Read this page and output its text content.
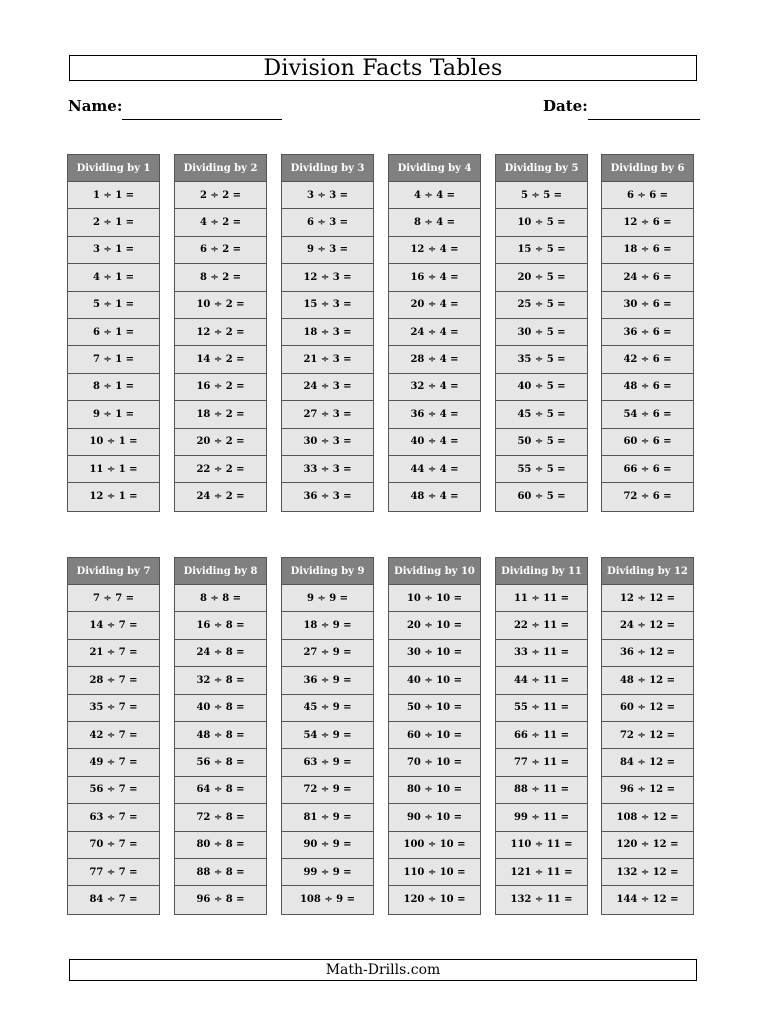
Division Facts Tables
Name:	Date:
Dividing by 1
1 ÷ 1 =
2 ÷ 1 =
3 ÷ 1 =
4 ÷ 1 =
5 ÷ 1 =
6 ÷ 1 =
7 ÷ 1 =
8 ÷ 1 =
9 ÷ 1 =
10 ÷ 1 =
11 ÷ 1 =
12 ÷ 1 =
Dividing by 2
2 ÷ 2 =
4 ÷ 2 =
6 ÷ 2 =
8 ÷ 2 =
10 ÷ 2 =
12 ÷ 2 =
14 ÷ 2 =
16 ÷ 2 =
18 ÷ 2 =
20 ÷ 2 =
22 ÷ 2 =
24 ÷ 2 =
Dividing by 3
3 ÷ 3 =
6 ÷ 3 =
9 ÷ 3 =
12 ÷ 3 =
15 ÷ 3 =
18 ÷ 3 =
21 ÷ 3 =
24 ÷ 3 =
27 ÷ 3 =
30 ÷ 3 =
33 ÷ 3 =
36 ÷ 3 =
Dividing by 4
4 ÷ 4 =
8 ÷ 4 =
12 ÷ 4 =
16 ÷ 4 =
20 ÷ 4 =
24 ÷ 4 =
28 ÷ 4 =
32 ÷ 4 =
36 ÷ 4 =
40 ÷ 4 =
44 ÷ 4 =
48 ÷ 4 =
Dividing by 5
5 ÷ 5 =
10 ÷ 5 =
15 ÷ 5 =
20 ÷ 5 =
25 ÷ 5 =
30 ÷ 5 =
35 ÷ 5 =
40 ÷ 5 =
45 ÷ 5 =
50 ÷ 5 =
55 ÷ 5 =
60 ÷ 5 =
Dividing by 6
6 ÷ 6 =
12 ÷ 6 =
18 ÷ 6 =
24 ÷ 6 =
30 ÷ 6 =
36 ÷ 6 =
42 ÷ 6 =
48 ÷ 6 =
54 ÷ 6 =
60 ÷ 6 =
66 ÷ 6 =
72 ÷ 6 =
Dividing by 7
7 ÷ 7 =
14 ÷ 7 =
21 ÷ 7 =
28 ÷ 7 =
35 ÷ 7 =
42 ÷ 7 =
49 ÷ 7 =
56 ÷ 7 =
63 ÷ 7 =
70 ÷ 7 =
77 ÷ 7 =
84 ÷ 7 =
Dividing by 8
8 ÷ 8 =
16 ÷ 8 =
24 ÷ 8 =
32 ÷ 8 =
40 ÷ 8 =
48 ÷ 8 =
56 ÷ 8 =
64 ÷ 8 =
72 ÷ 8 =
80 ÷ 8 =
88 ÷ 8 =
96 ÷ 8 =
Dividing by 9
9 ÷ 9 =
18 ÷ 9 =
27 ÷ 9 =
36 ÷ 9 =
45 ÷ 9 =
54 ÷ 9 =
63 ÷ 9 =
72 ÷ 9 =
81 ÷ 9 =
90 ÷ 9 =
99 ÷ 9 =
108 ÷ 9 =
Dividing by 10
10 ÷ 10 =
20 ÷ 10 =
30 ÷ 10 =
40 ÷ 10 =
50 ÷ 10 =
60 ÷ 10 =
70 ÷ 10 =
80 ÷ 10 =
90 ÷ 10 =
100 ÷ 10 =
110 ÷ 10 =
120 ÷ 10 =
Dividing by 11
11 ÷ 11 =
22 ÷ 11 =
33 ÷ 11 =
44 ÷ 11 =
55 ÷ 11 =
66 ÷ 11 =
77 ÷ 11 =
88 ÷ 11 =
99 ÷ 11 =
110 ÷ 11 =
121 ÷ 11 =
132 ÷ 11 =
Dividing by 12
12 ÷ 12 =
24 ÷ 12 =
36 ÷ 12 =
48 ÷ 12 =
60 ÷ 12 =
72 ÷ 12 =
84 ÷ 12 =
96 ÷ 12 =
108 ÷ 12 =
120 ÷ 12 =
132 ÷ 12 =
144 ÷ 12 =
Math-Drills.com
